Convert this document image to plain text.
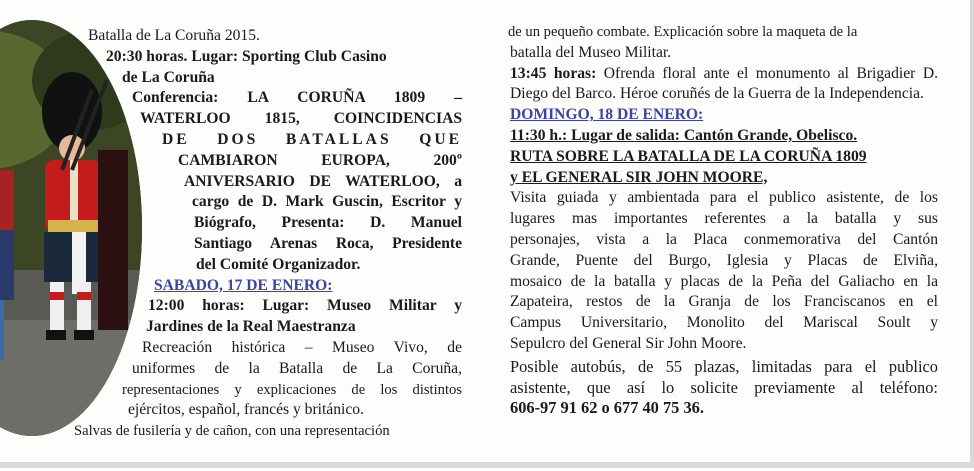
Batalla de La Coruña 2015.

20:30 horas. Lugar: Sporting Club Casino

de La Coruña

Conferencia: LA CORUÑA 1809 –

WATERLOO 1815, COINCIDENCIAS

DE DOS BATALLAS QUE

CAMBIARON EUROPA, 200º

ANIVERSARIO DE WATERLOO, a

cargo de D. Mark Guscin, Escritor y

Biógrafo, Presenta: D. Manuel

Santiago Arenas Roca, Presidente

del Comité Organizador.

SABADO, 17 DE ENERO:

12:00 horas: Lugar: Museo Militar y

Jardines de la Real Maestranza

Recreación histórica – Museo Vivo, de

uniformes de la Batalla de La Coruña,

representaciones y explicaciones de los distintos

ejércitos, español, francés y británico.

Salvas de fusilería y de cañon, con una representación

de un pequeño combate. Explicación sobre la maqueta de la

batalla del Museo Militar.

13:45 horas: Ofrenda floral ante el monumento al Brigadier D. Diego del Barco. Héroe coruñés de la Guerra de la Independencia.

DOMINGO, 18 DE ENERO:

11:30 h.: Lugar de salida: Cantón Grande, Obelisco.

RUTA SOBRE LA BATALLA DE LA CORUÑA 1809

y EL GENERAL SIR JOHN MOORE,

Visita guiada y ambientada para el publico asistente, de los

lugares mas importantes referentes a la batalla y sus

personajes, vista a la Placa conmemorativa del Cantón

Grande, Puente del Burgo, Iglesia y Placas de Elviña,

mosaico de la batalla y placas de la Peña del Galiacho en la

Zapateira, restos de la Granja de los Franciscanos en el

Campus Universitario, Monolito del Mariscal Soult y

Sepulcro del General Sir John Moore.

Posible autobús, de 55 plazas, limitadas para el publico

asistente, que así lo solicite previamente al teléfono:

606-97 91 62 o 677 40 75 36.
